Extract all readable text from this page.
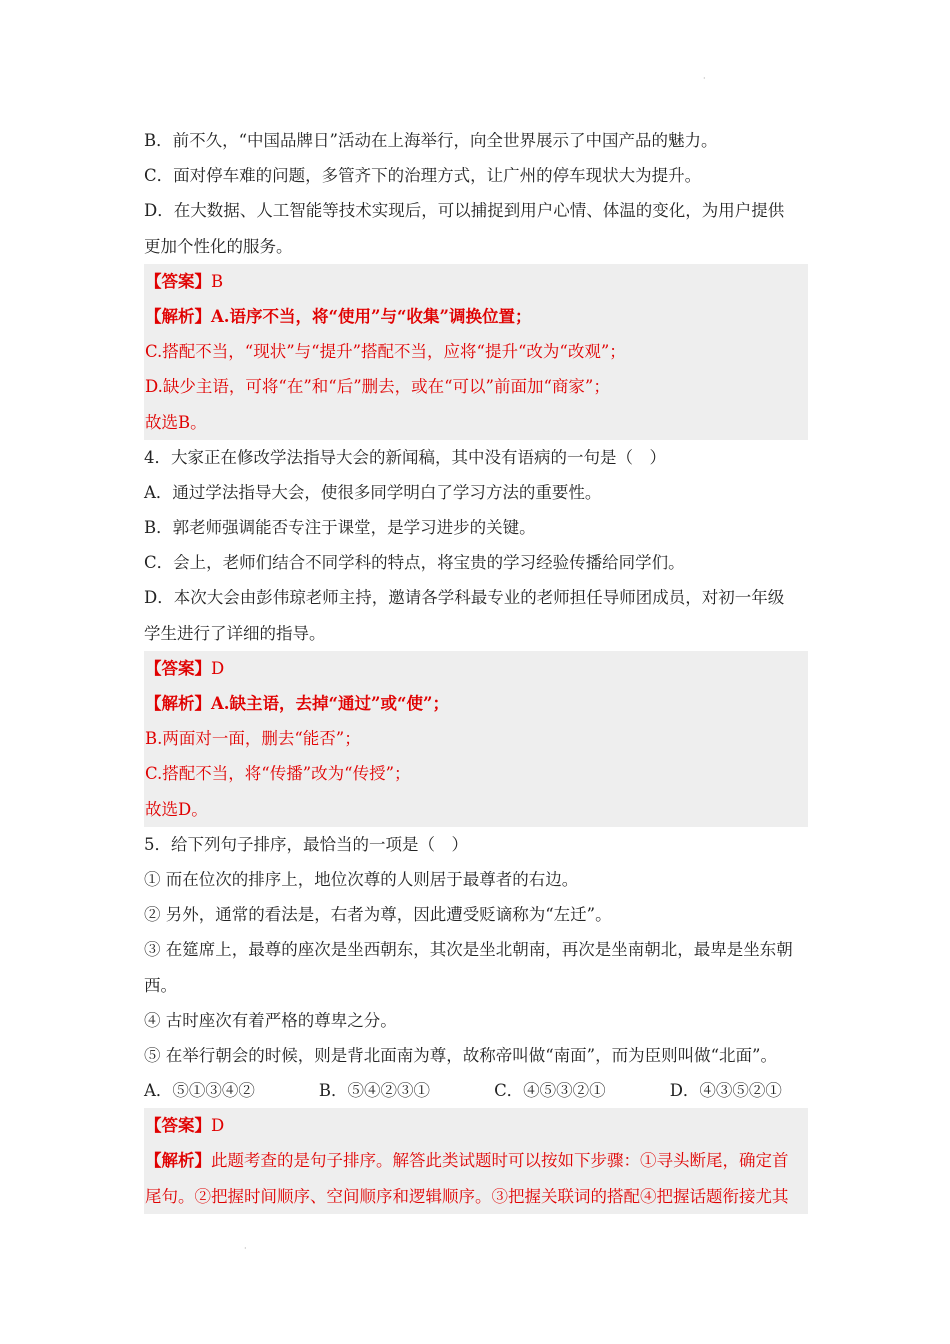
·
·
B．前不久，“中国品牌日”活动在上海举行，向全世界展示了中国产品的魅力。
C．面对停车难的问题，多管齐下的治理方式，让广州的停车现状大为提升。
D．在大数据、人工智能等技术实现后，可以捕捉到用户心情、体温的变化，为用户提供
更加个性化的服务。
【答案】B
【解析】A.语序不当，将“使用”与“收集”调换位置；
C.搭配不当，“现状”与“提升”搭配不当，应将“提升“改为“改观”；
D.缺少主语，可将“在”和“后”删去，或在“可以”前面加“商家”；
故选B。
4．大家正在修改学法指导大会的新闻稿，其中没有语病的一句是（　）
A．通过学法指导大会，使很多同学明白了学习方法的重要性。
B．郭老师强调能否专注于课堂，是学习进步的关键。
C．会上，老师们结合不同学科的特点，将宝贵的学习经验传播给同学们。
D．本次大会由彭伟琼老师主持，邀请各学科最专业的老师担任导师团成员，对初一年级
学生进行了详细的指导。
【答案】D
【解析】A.缺主语，去掉“通过”或“使”；
B.两面对一面，删去“能否”；
C.搭配不当，将“传播”改为“传授”；
故选D。
5．给下列句子排序，最恰当的一项是（　）
① 而在位次的排序上，地位次尊的人则居于最尊者的右边。
② 另外，通常的看法是，右者为尊，因此遭受贬谪称为“左迁”。
③ 在筵席上，最尊的座次是坐西朝东，其次是坐北朝南，再次是坐南朝北，最卑是坐东朝
西。
④ 古时座次有着严格的尊卑之分。
⑤ 在举行朝会的时候，则是背北面南为尊，故称帝叫做“南面”，而为臣则叫做“北面”。
A．⑤①③④②	B．⑤④②③①	C．④⑤③②①	D．④③⑤②①
【答案】D
【解析】此题考查的是句子排序。解答此类试题时可以按如下步骤：①寻头断尾，确定首
尾句。②把握时间顺序、空间顺序和逻辑顺序。③把握关联词的搭配④把握话题衔接尤其
